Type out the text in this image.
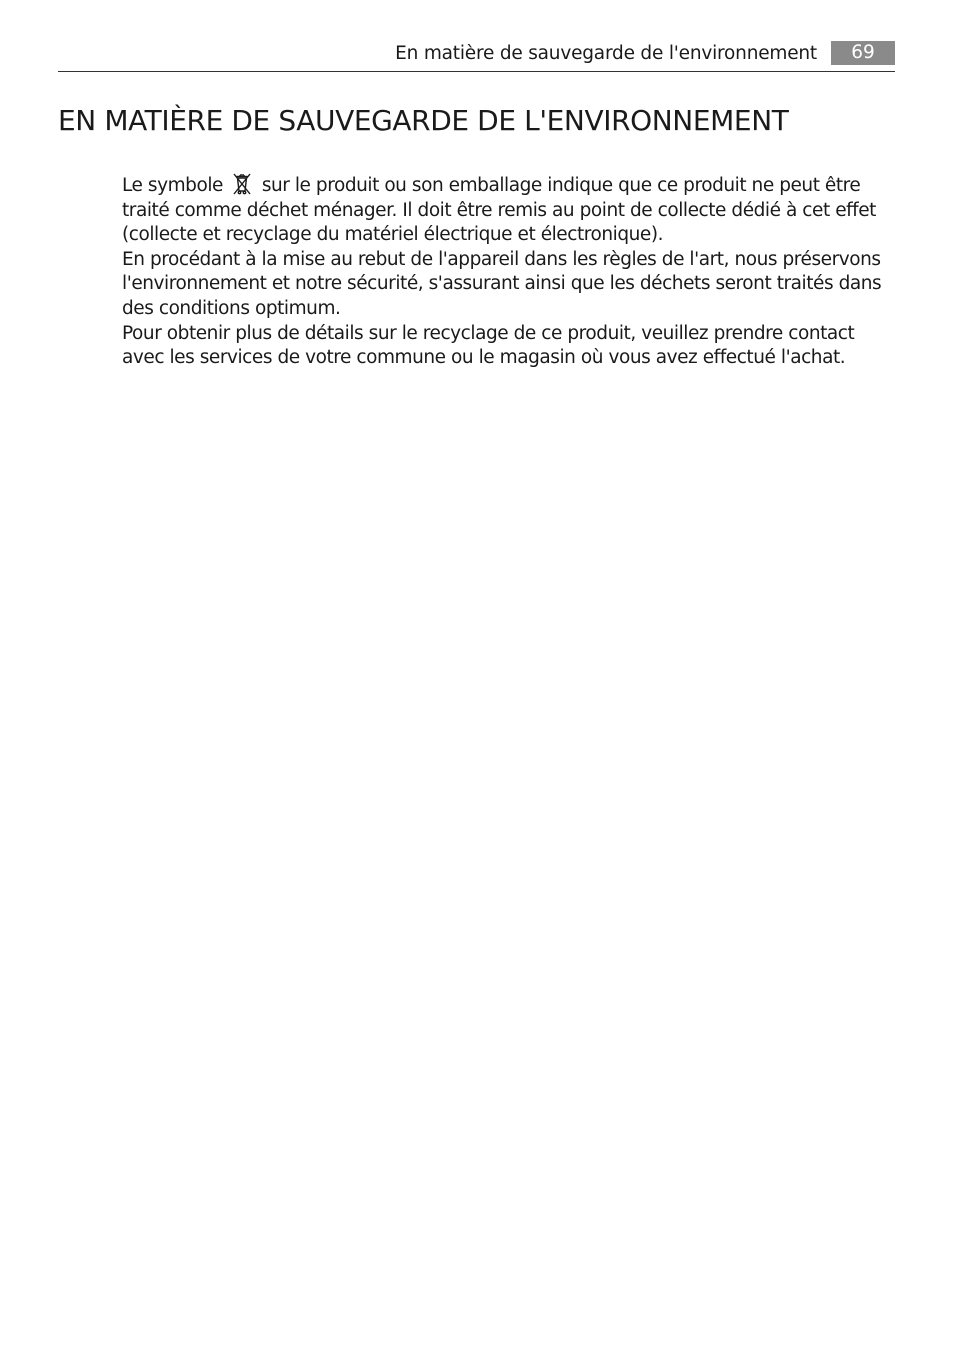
En matière de sauvegarde de l'environnement	69
EN MATIÈRE DE SAUVEGARDE DE L'ENVIRONNEMENT

Le symbole sur le produit ou son emballage indique que ce produit ne peut être traité comme déchet ménager. Il doit être remis au point de collecte dédié à cet effet (collecte et recyclage du matériel électrique et électronique).

En procédant à la mise au rebut de l'appareil dans les règles de l'art, nous préservons l'environnement et notre sécurité, s'assurant ainsi que les déchets seront traités dans des conditions optimum.

Pour obtenir plus de détails sur le recyclage de ce produit, veuillez prendre contact avec les services de votre commune ou le magasin où vous avez effectué l'achat.
